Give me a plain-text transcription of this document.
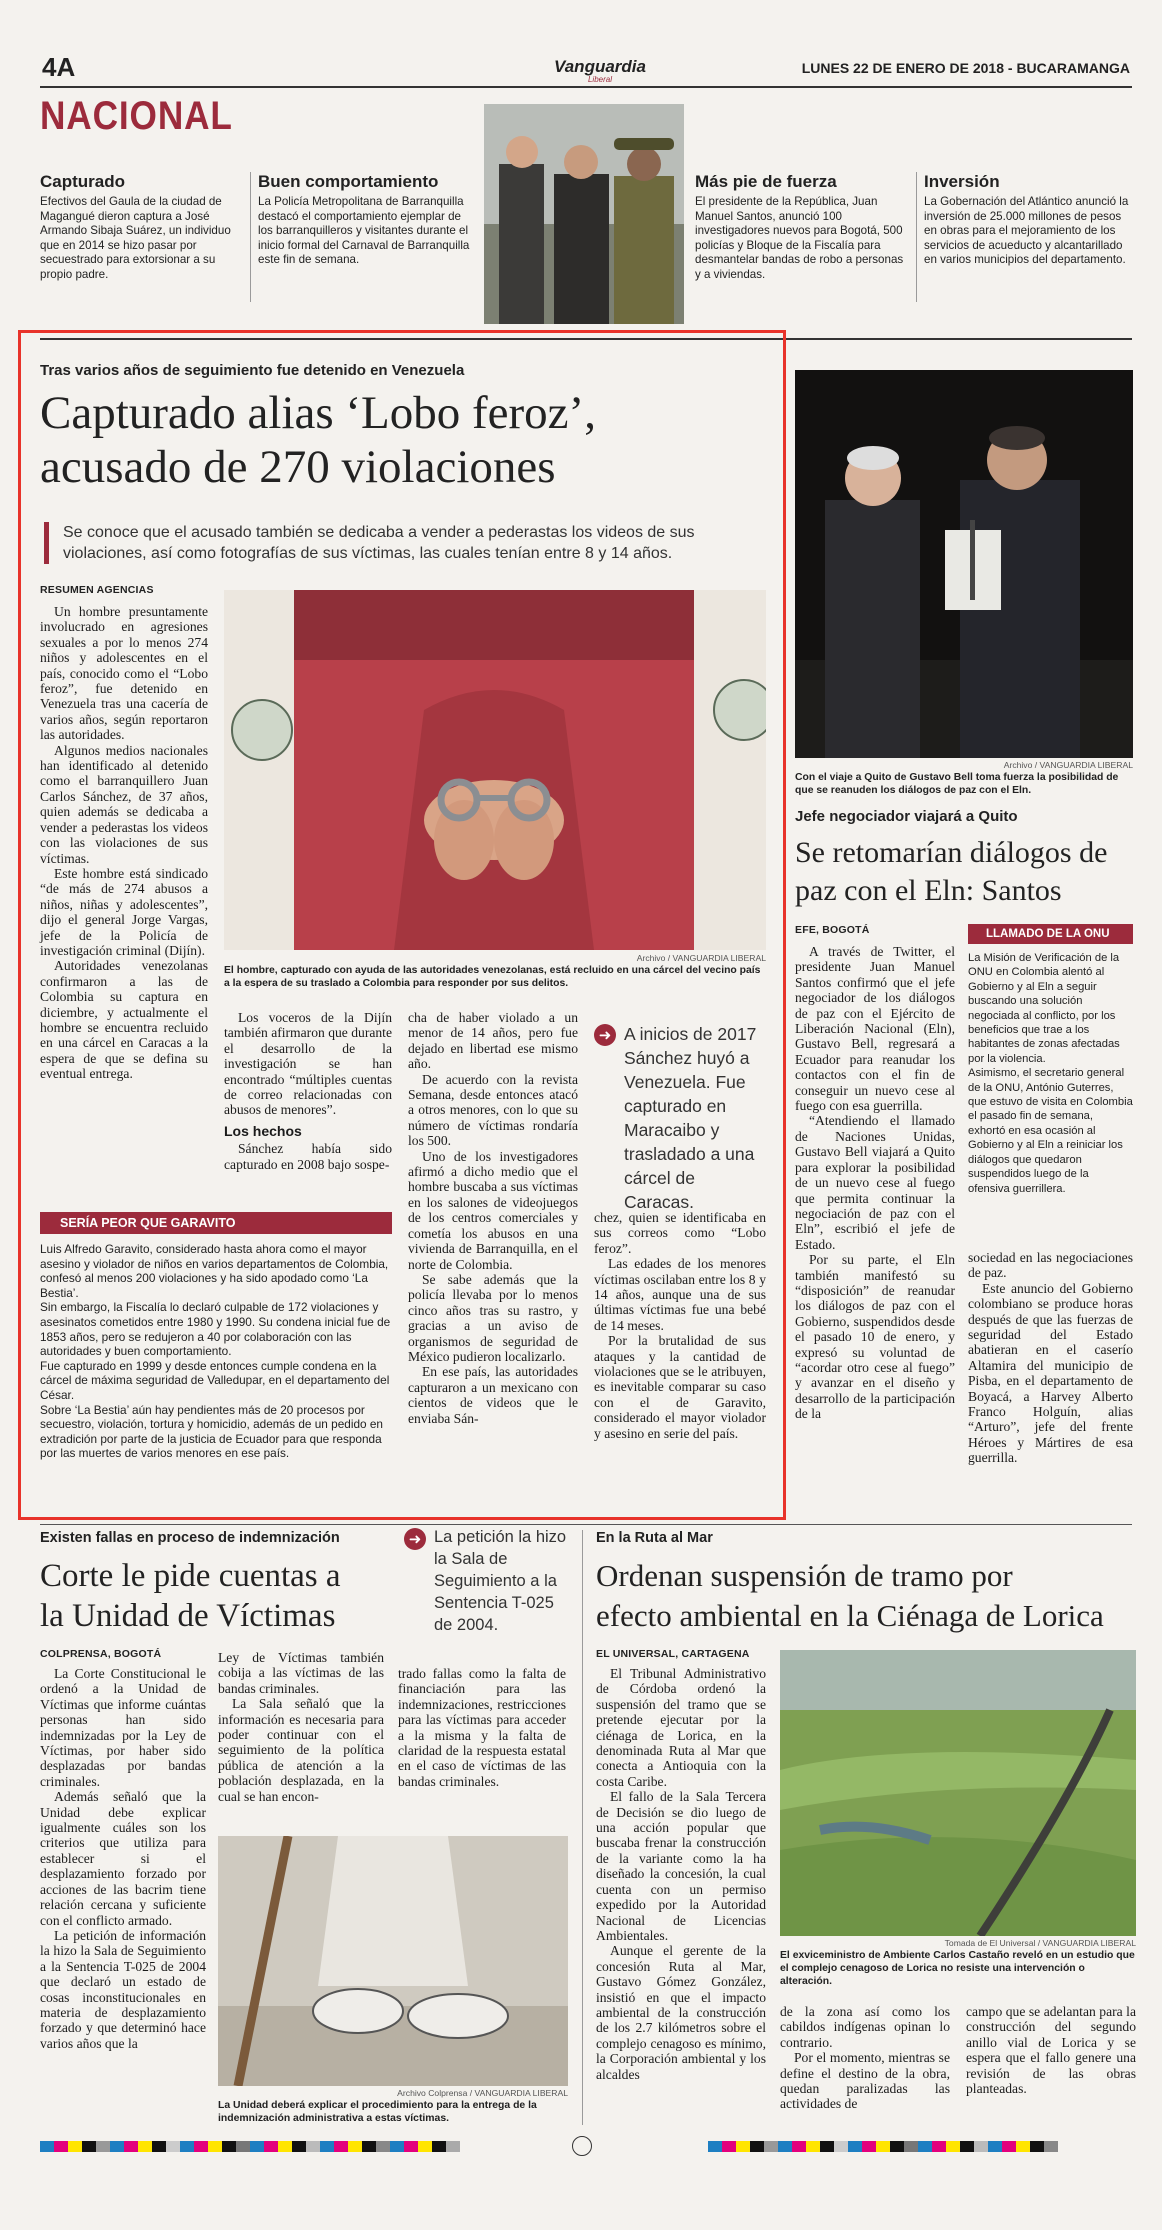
4A	Vanguardia
Liberal
LUNES 22 DE ENERO DE 2018 - BUCARAMANGA
NACIONAL
Capturado
Efectivos del Gaula de la ciudad de Magangué dieron captura a José Armando Sibaja Suárez, un individuo que en 2014 se hizo pasar por secuestrado para extorsionar a su propio padre.
Buen comportamiento
La Policía Metropolitana de Barranquilla destacó el comportamiento ejemplar de los barranquilleros y visitantes durante el inicio formal del Carnaval de Barranquilla este fin de semana.
Más pie de fuerza
El presidente de la República, Juan Manuel Santos, anunció 100 investigadores nuevos para Bogotá, 500 policías y Bloque de la Fiscalía para desmantelar bandas de robo a personas y a viviendas.
Inversión
La Gobernación del Atlántico anunció la inversión de 25.000 millones de pesos en obras para el mejoramiento de los servicios de acueducto y alcantarillado en varios municipios del departamento.
Tras varios años de seguimiento fue detenido en Venezuela
Capturado alias ‘Lobo feroz’,
acusado de 270 violaciones
Se conoce que el acusado también se dedicaba a vender a pederastas los videos de sus violaciones, así como fotografías de sus víctimas, las cuales tenían entre 8 y 14 años.
RESUMEN AGENCIAS

Un hombre presuntamente involucrado en agresiones sexuales a por lo menos 274 niños y adolescentes en el país, conocido como el “Lobo feroz”, fue detenido en Venezuela tras una cacería de varios años, según reportaron las autoridades.

Algunos medios nacionales han identificado al detenido como el barranquillero Juan Carlos Sánchez, de 37 años, quien además se dedicaba a vender a pederastas los videos con las violaciones de sus víctimas.

Este hombre está sindicado “de más de 274 abusos a niños, niñas y adolescentes”, dijo el general Jorge Vargas, jefe de la Policía de investigación criminal (Dijín).

Autoridades venezolanas confirmaron a las de Colombia su captura en diciembre, y actualmente el hombre se encuentra recluido en una cárcel en Caracas a la espera de que se defina su eventual entrega.

Archivo / VANGUARDIA LIBERAL
El hombre, capturado con ayuda de las autoridades venezolanas, está recluido en una cárcel del vecino país a la espera de su traslado a Colombia para responder por sus delitos.

Los voceros de la Dijín también afirmaron que durante el desarrollo de la investigación se han encontrado “múltiples cuentas de correo relacionadas con abusos de menores”.

Los hechos

Sánchez había sido capturado en 2008 bajo sospe-

cha de haber violado a un menor de 14 años, pero fue dejado en libertad ese mismo año.

De acuerdo con la revista Semana, desde entonces atacó a otros menores, con lo que su número de víctimas rondaría los 500.

Uno de los investigadores afirmó a dicho medio que el hombre buscaba a sus víctimas en los salones de videojuegos de los centros comerciales y cometía los abusos en una vivienda de Barranquilla, en el norte de Colombia.

Se sabe además que la policía llevaba por lo menos cinco años tras su rastro, y gracias a un aviso de organismos de seguridad de México pudieron localizarlo.

En ese país, las autoridades capturaron a un mexicano con cientos de videos que le enviaba Sán-

➜ A inicios de 2017 Sánchez huyó a Venezuela. Fue capturado en Maracaibo y trasladado a una cárcel de Caracas.

chez, quien se identificaba en sus correos como “Lobo feroz”.

Las edades de los menores víctimas oscilaban entre los 8 y 14 años, aunque una de sus últimas víctimas fue una bebé de 14 meses.

Por la brutalidad de sus ataques y la cantidad de violaciones que se le atribuyen, es inevitable comparar su caso con el de Garavito, considerado el mayor violador y asesino en serie del país.

SERÍA PEOR QUE GARAVITO
Luis Alfredo Garavito, considerado hasta ahora como el mayor asesino y violador de niños en varios departamentos de Colombia, confesó al menos 200 violaciones y ha sido apodado como ‘La Bestia’.
Sin embargo, la Fiscalía lo declaró culpable de 172 violaciones y asesinatos cometidos entre 1980 y 1990. Su condena inicial fue de 1853 años, pero se redujeron a 40 por colaboración con las autoridades y buen comportamiento.
Fue capturado en 1999 y desde entonces cumple condena en la cárcel de máxima seguridad de Valledupar, en el departamento del César.
Sobre ‘La Bestia’ aún hay pendientes más de 20 procesos por secuestro, violación, tortura y homicidio, además de un pedido en extradición por parte de la justicia de Ecuador para que responda por las muertes de varios menores en ese país.
Archivo / VANGUARDIA LIBERAL
Con el viaje a Quito de Gustavo Bell toma fuerza la posibilidad de que se reanuden los diálogos de paz con el Eln.
Jefe negociador viajará a Quito
Se retomarían diálogos de paz con el Eln: Santos
EFE, BOGOTÁ

A través de Twitter, el presidente Juan Manuel Santos confirmó que el jefe negociador de los diálogos de paz con el Ejército de Liberación Nacional (Eln), Gustavo Bell, regresará a Ecuador para reanudar los contactos con el fin de conseguir un nuevo cese al fuego con esa guerrilla.

“Atendiendo el llamado de Naciones Unidas, Gustavo Bell viajará a Quito para explorar la posibilidad de un nuevo cese al fuego que permita continuar la negociación de paz con el Eln”, escribió el jefe de Estado.

Por su parte, el Eln también manifestó su “disposición” de reanudar los diálogos de paz con el Gobierno, suspendidos desde el pasado 10 de enero, y expresó su voluntad de “acordar otro cese al fuego” y avanzar en el diseño y desarrollo de la participación de la

LLAMADO DE LA ONU
La Misión de Verificación de la ONU en Colombia alentó al Gobierno y al Eln a seguir buscando una solución negociada al conflicto, por los beneficios que trae a los habitantes de zonas afectadas por la violencia.
Asimismo, el secretario general de la ONU, António Guterres, que estuvo de visita en Colombia el pasado fin de semana, exhortó en esa ocasión al Gobierno y al Eln a reiniciar los diálogos que quedaron suspendidos luego de la ofensiva guerrillera.

sociedad en las negociaciones de paz.

Este anuncio del Gobierno colombiano se produce horas después de que las fuerzas de seguridad del Estado abatieran en el caserío Altamira del municipio de Pisba, en el departamento de Boyacá, a Harvey Alberto Franco Holguín, alias “Arturo”, jefe del frente Héroes y Mártires de esa guerrilla.

Existen fallas en proceso de indemnización	➜ La petición la hizo la Sala de Seguimiento a la Sentencia T-025 de 2004.
Corte le pide cuentas a
la Unidad de Víctimas
COLPRENSA, BOGOTÁ

La Corte Constitucional le ordenó a la Unidad de Víctimas que informe cuántas personas han sido indemnizadas por la Ley de Víctimas, por haber sido desplazadas por bandas criminales.

Además señaló que la Unidad debe explicar igualmente cuáles son los criterios que utiliza para establecer si el desplazamiento forzado por acciones de las bacrim tiene relación cercana y suficiente con el conflicto armado.

La petición de información la hizo la Sala de Seguimiento a la Sentencia T-025 de 2004 que declaró un estado de cosas inconstitucionales en materia de desplazamiento forzado y que determinó hace varios años que la

Ley de Víctimas también cobija a las víctimas de las bandas criminales.

La Sala señaló que la información es necesaria para poder continuar con el seguimiento de la política pública de atención a la población desplazada, en la cual se han encon-

trado fallas como la falta de financiación para las indemnizaciones, restricciones para las víctimas para acceder a la misma y la falta de claridad de la respuesta estatal en el caso de víctimas de las bandas criminales.

Archivo Colprensa / VANGUARDIA LIBERAL
La Unidad deberá explicar el procedimiento para la entrega de la indemnización administrativa a estas víctimas.
En la Ruta al Mar
Ordenan suspensión de tramo por
efecto ambiental en la Ciénaga de Lorica
EL UNIVERSAL, CARTAGENA

El Tribunal Administrativo de Córdoba ordenó la suspensión del tramo que se pretende ejecutar por la ciénaga de Lorica, en la denominada Ruta al Mar que conecta a Antioquia con la costa Caribe.

El fallo de la Sala Tercera de Decisión se dio luego de una acción popular que buscaba frenar la construcción de la variante como la ha diseñado la concesión, la cual cuenta con un permiso expedido por la Autoridad Nacional de Licencias Ambientales.

Aunque el gerente de la concesión Ruta al Mar, Gustavo Gómez González, insistió en que el impacto ambiental de la construcción de los 2.7 kilómetros sobre el complejo cenagoso es mínimo, la Corporación ambiental y los alcaldes

Tomada de El Universal / VANGUARDIA LIBERAL
El exviceministro de Ambiente Carlos Castaño reveló en un estudio que el complejo cenagoso de Lorica no resiste una intervención o alteración.

de la zona así como los cabildos indígenas opinan lo contrario.

Por el momento, mientras se define el destino de la obra, quedan paralizadas las actividades de

campo que se adelantan para la construcción del segundo anillo vial de Lorica y se espera que el fallo genere una revisión de las obras planteadas.
